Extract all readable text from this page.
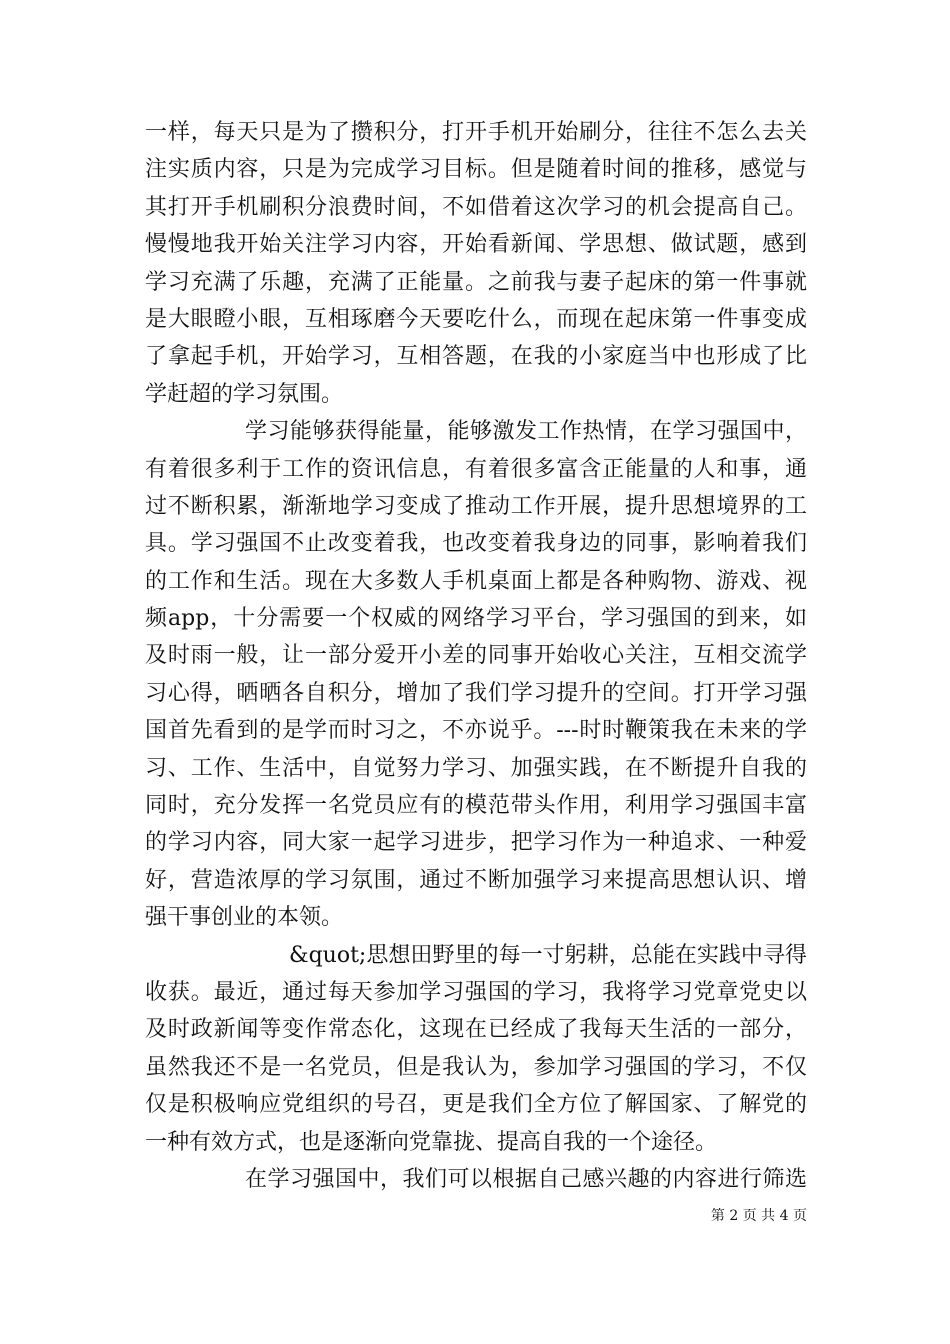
一样，每天只是为了攒积分，打开手机开始刷分，往往不怎么去关
注实质内容，只是为完成学习目标。但是随着时间的推移，感觉与
其打开手机刷积分浪费时间，不如借着这次学习的机会提高自己。
慢慢地我开始关注学习内容，开始看新闻、学思想、做试题，感到
学习充满了乐趣，充满了正能量。之前我与妻子起床的第一件事就
是大眼瞪小眼，互相琢磨今天要吃什么，而现在起床第一件事变成
了拿起手机，开始学习，互相答题，在我的小家庭当中也形成了比
学赶超的学习氛围。
学习能够获得能量，能够激发工作热情，在学习强国中，
有着很多利于工作的资讯信息，有着很多富含正能量的人和事，通
过不断积累，渐渐地学习变成了推动工作开展，提升思想境界的工
具。学习强国不止改变着我，也改变着我身边的同事，影响着我们
的工作和生活。现在大多数人手机桌面上都是各种购物、游戏、视
频app，十分需要一个权威的网络学习平台，学习强国的到来，如
及时雨一般，让一部分爱开小差的同事开始收心关注，互相交流学
习心得，晒晒各自积分，增加了我们学习提升的空间。打开学习强
国首先看到的是学而时习之，不亦说乎。---时时鞭策我在未来的学
习、工作、生活中，自觉努力学习、加强实践，在不断提升自我的
同时，充分发挥一名党员应有的模范带头作用，利用学习强国丰富
的学习内容，同大家一起学习进步，把学习作为一种追求、一种爱
好，营造浓厚的学习氛围，通过不断加强学习来提高思想认识、增
强干事创业的本领。
&quot;思想田野里的每一寸躬耕，总能在实践中寻得
收获。最近，通过每天参加学习强国的学习，我将学习党章党史以
及时政新闻等变作常态化，这现在已经成了我每天生活的一部分，
虽然我还不是一名党员，但是我认为，参加学习强国的学习，不仅
仅是积极响应党组织的号召，更是我们全方位了解国家、了解党的
一种有效方式，也是逐渐向党靠拢、提高自我的一个途径。
在学习强国中，我们可以根据自己感兴趣的内容进行筛选
第 2 页 共 4 页
